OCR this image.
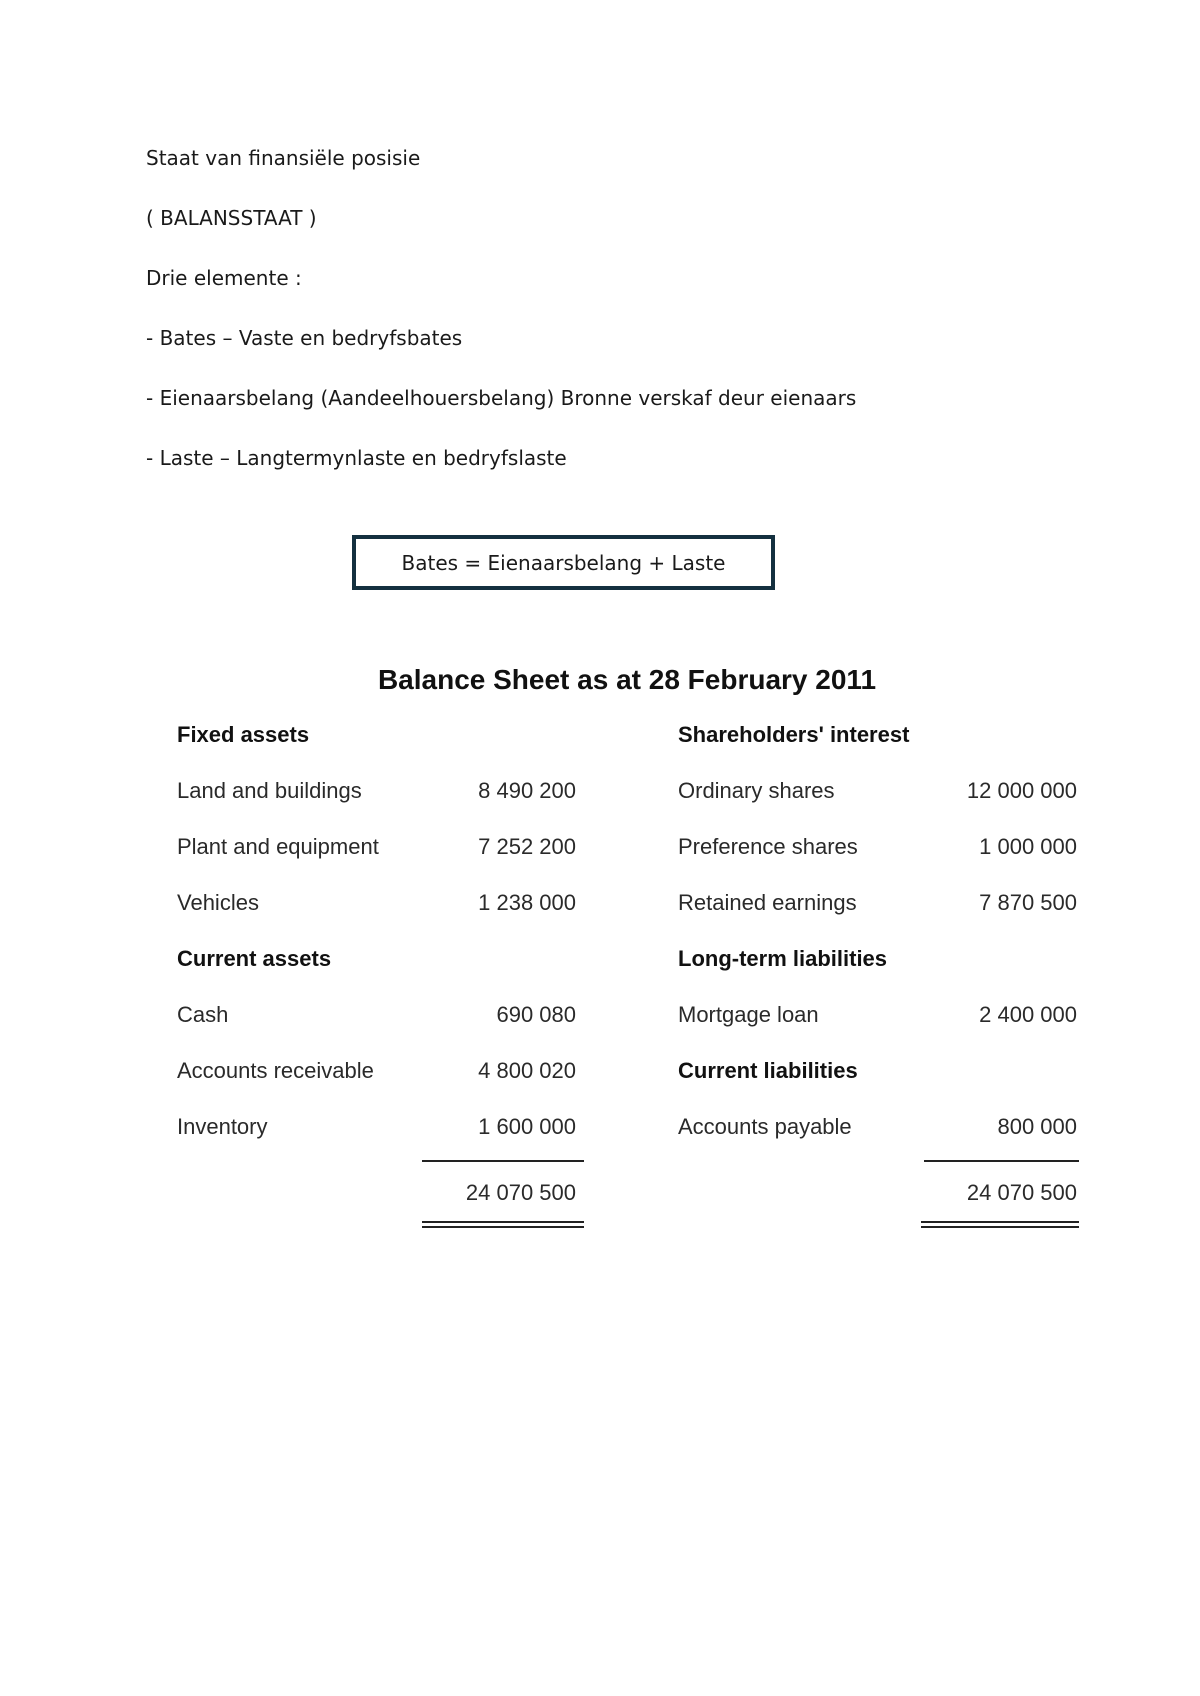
Staat van finansiële posisie

( BALANSSTAAT )

Drie elemente :

- Bates – Vaste en bedryfsbates

- Eienaarsbelang (Aandeelhouersbelang) Bronne verskaf deur eienaars

- Laste – Langtermynlaste en bedryfslaste

Bates = Eienaarsbelang + Laste
Balance Sheet as at 28 February 2011
Fixed assets
Land and buildings	8 490 200
Plant and equipment	7 252 200
Vehicles	1 238 000
Current assets
Cash	690 080
Accounts receivable	4 800 020
Inventory	1 600 000
24 070 500
Shareholders' interest
Ordinary shares	12 000 000
Preference shares	1 000 000
Retained earnings	7 870 500
Long-term liabilities
Mortgage loan	2 400 000
Current liabilities
Accounts payable	800 000
24 070 500
